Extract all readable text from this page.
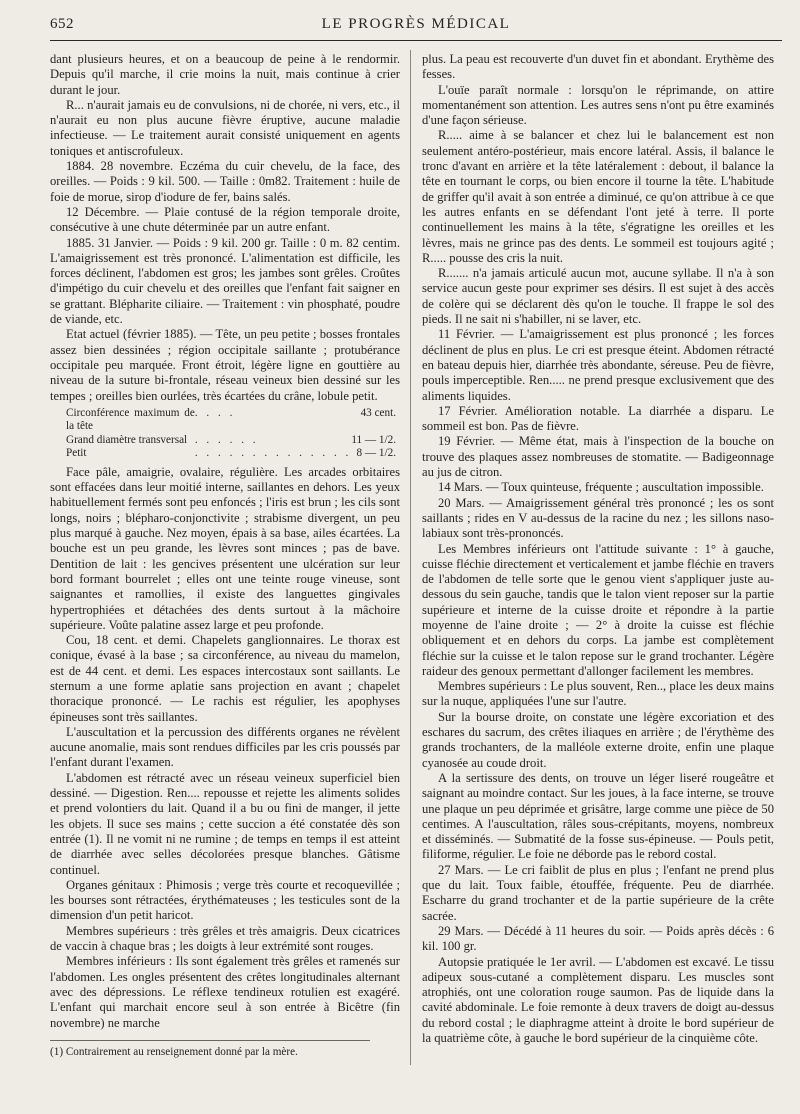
652	LE PROGRÈS MÉDICAL

dant plusieurs heures, et on a beaucoup de peine à le rendormir. Depuis qu'il marche, il crie moins la nuit, mais continue à crier durant le jour.

R... n'aurait jamais eu de convulsions, ni de chorée, ni vers, etc., il n'aurait eu non plus aucune fièvre éruptive, aucune maladie infectieuse. — Le traitement aurait consisté uniquement en agents toniques et antiscrofuleux.

1884. 28 novembre. Eczéma du cuir chevelu, de la face, des oreilles. — Poids : 9 kil. 500. — Taille : 0m82. Traitement : huile de foie de morue, sirop d'iodure de fer, bains salés.

12 Décembre. — Plaie contusé de la région temporale droite, consécutive à une chute déterminée par un autre enfant.

1885. 31 Janvier. — Poids : 9 kil. 200 gr. Taille : 0 m. 82 centim. L'amaigrissement est très prononcé. L'alimentation est difficile, les forces déclinent, l'abdomen est gros; les jambes sont grêles. Croûtes d'impétigo du cuir chevelu et des oreilles que l'enfant fait saigner en se grattant. Blépharite ciliaire. — Traitement : vin phosphaté, poudre de viande, etc.

Etat actuel (février 1885). — Tête, un peu petite ; bosses frontales assez bien dessinées ; région occipitale saillante ; protubérance occipitale peu marquée. Front étroit, légère ligne en gouttière au niveau de la suture bi-frontale, réseau veineux bien dessiné sur les tempes ; oreilles bien ourlées, très écartées du crâne, lobule petit.

Circonférence maximum de la tête	. . . .	43 cent.
Grand diamètre transversal	. . . . . .	11 — 1/2.
Petit	. . . . . . . . . . . . . .	8 — 1/2.

Face pâle, amaigrie, ovalaire, régulière. Les arcades orbitaires sont effacées dans leur moitié interne, saillantes en dehors. Les yeux habituellement fermés sont peu enfoncés ; l'iris est brun ; les cils sont longs, noirs ; blépharo-conjonctivite ; strabisme divergent, un peu plus marqué à gauche. Nez moyen, épais à sa base, ailes écartées. La bouche est un peu grande, les lèvres sont minces ; pas de bave. Dentition de lait : les gencives présentent une ulcération sur leur bord formant bourrelet ; elles ont une teinte rouge vineuse, sont saignantes et ramollies, il existe des languettes gingivales hypertrophiées et détachées des dents surtout à la mâchoire supérieure. Voûte palatine assez large et peu profonde.

Cou, 18 cent. et demi. Chapelets ganglionnaires. Le thorax est conique, évasé à la base ; sa circonférence, au niveau du mamelon, est de 44 cent. et demi. Les espaces intercostaux sont saillants. Le sternum a une forme aplatie sans projection en avant ; chapelet thoracique prononcé. — Le rachis est régulier, les apophyses épineuses sont très saillantes.

L'auscultation et la percussion des différents organes ne révèlent aucune anomalie, mais sont rendues difficiles par les cris poussés par l'enfant durant l'examen.

L'abdomen est rétracté avec un réseau veineux superficiel bien dessiné. — Digestion. Ren.... repousse et rejette les aliments solides et prend volontiers du lait. Quand il a bu ou fini de manger, il jette les objets. Il suce ses mains ; cette succion a été constatée dès son entrée (1). Il ne vomit ni ne rumine ; de temps en temps il est atteint de diarrhée avec selles décolorées presque blanches. Gâtisme continuel.

Organes génitaux : Phimosis ; verge très courte et recoquevillée ; les bourses sont rétractées, érythémateuses ; les testicules sont de la dimension d'un petit haricot.

Membres supérieurs : très grêles et très amaigris. Deux cicatrices de vaccin à chaque bras ; les doigts à leur extrémité sont rouges.

Membres inférieurs : Ils sont également très grêles et ramenés sur l'abdomen. Les ongles présentent des crêtes longitudinales alternant avec des dépressions. Le réflexe tendineux rotulien est exagéré. L'enfant qui marchait encore seul à son entrée à Bicêtre (fin novembre) ne marche

plus. La peau est recouverte d'un duvet fin et abondant. Erythème des fesses.

L'ouïe paraît normale : lorsqu'on le réprimande, on attire momentanément son attention. Les autres sens n'ont pu être examinés d'une façon sérieuse.

R..... aime à se balancer et chez lui le balancement est non seulement antéro-postérieur, mais encore latéral. Assis, il balance le tronc d'avant en arrière et la tête latéralement : debout, il balance la tête en tournant le corps, ou bien encore il tourne la tête. L'habitude de griffer qu'il avait à son entrée a diminué, ce qu'on attribue à ce que les autres enfants en se défendant l'ont jeté à terre. Il porte continuellement les mains à la tête, s'égratigne les oreilles et les lèvres, mais ne grince pas des dents. Le sommeil est toujours agité ; R..... pousse des cris la nuit.

R....... n'a jamais articulé aucun mot, aucune syllabe. Il n'a à son service aucun geste pour exprimer ses désirs. Il est sujet à des accès de colère qui se déclarent dès qu'on le touche. Il frappe le sol des pieds. Il ne sait ni s'habiller, ni se laver, etc.

11 Février. — L'amaigrissement est plus prononcé ; les forces déclinent de plus en plus. Le cri est presque éteint. Abdomen rétracté en bateau depuis hier, diarrhée très abondante, séreuse. Peu de fièvre, pouls imperceptible. Ren..... ne prend presque exclusivement que des aliments liquides.

17 Février. Amélioration notable. La diarrhée a disparu. Le sommeil est bon. Pas de fièvre.

19 Février. — Même état, mais à l'inspection de la bouche on trouve des plaques assez nombreuses de stomatite. — Badigeonnage au jus de citron.

14 Mars. — Toux quinteuse, fréquente ; auscultation impossible.

20 Mars. — Amaigrissement général très prononcé ; les os sont saillants ; rides en V au-dessus de la racine du nez ; les sillons naso-labiaux sont très-prononcés.

Les Membres inférieurs ont l'attitude suivante : 1° à gauche, cuisse fléchie directement et verticalement et jambe fléchie en travers de l'abdomen de telle sorte que le genou vient s'appliquer juste au-dessous du sein gauche, tandis que le talon vient reposer sur la partie supérieure et interne de la cuisse droite et répondre à la partie moyenne de l'aine droite ; — 2° à droite la cuisse est fléchie obliquement et en dehors du corps. La jambe est complètement fléchie sur la cuisse et le talon repose sur le grand trochanter. Légère raideur des genoux permettant d'allonger facilement les membres.

Membres supérieurs : Le plus souvent, Ren.., place les deux mains sur la nuque, appliquées l'une sur l'autre.

Sur la bourse droite, on constate une légère excoriation et des eschares du sacrum, des crêtes iliaques en arrière ; de l'érythème des grands trochanters, de la malléole externe droite, enfin une plaque cyanosée au coude droit.

A la sertissure des dents, on trouve un léger liseré rougeâtre et saignant au moindre contact. Sur les joues, à la face interne, se trouve une plaque un peu déprimée et grisâtre, large comme une pièce de 50 centimes. A l'auscultation, râles sous-crépitants, moyens, nombreux et disséminés. — Submatité de la fosse sus-épineuse. — Pouls petit, filiforme, régulier. Le foie ne déborde pas le rebord costal.

27 Mars. — Le cri faiblit de plus en plus ; l'enfant ne prend plus que du lait. Toux faible, étouffée, fréquente. Peu de diarrhée. Escharre du grand trochanter et de la partie supérieure de la crête sacrée.

29 Mars. — Décédé à 11 heures du soir. — Poids après décès : 6 kil. 100 gr.

Autopsie pratiquée le 1er avril. — L'abdomen est excavé. Le tissu adipeux sous-cutané a complètement disparu. Les muscles sont atrophiés, ont une coloration rouge saumon. Pas de liquide dans la cavité abdominale. Le foie remonte à deux travers de doigt au-dessus du rebord costal ; le diaphragme atteint à droite le bord supérieur de la quatrième côte, à gauche le bord supérieur de la cinquième côte.

(1) Contrairement au renseignement donné par la mère.
